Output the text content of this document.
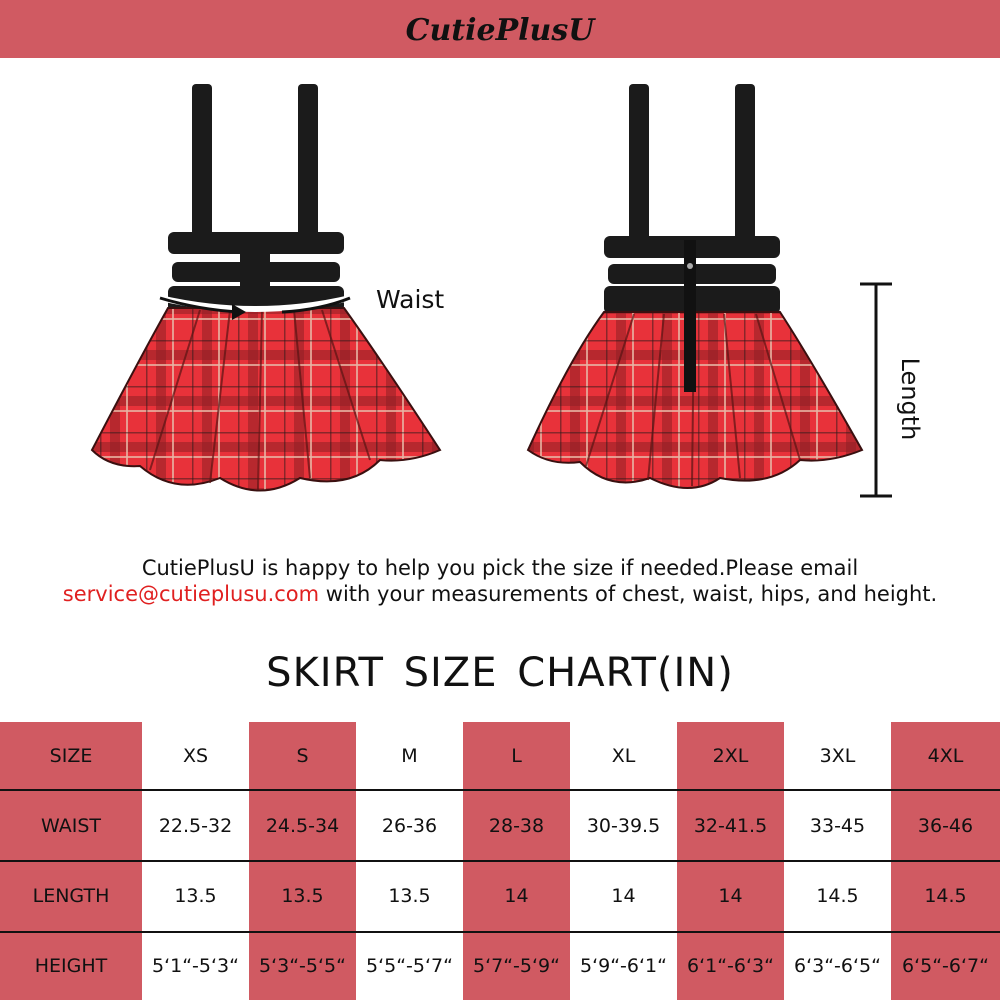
CutiePlusU
Waist
Length
CutiePlusU is happy to help you pick the size if needed.Please email
service@cutieplusu.com with your measurements of chest, waist, hips, and height.
SKIRT SIZE CHART(IN)
SIZE	XS	S	M	L	XL	2XL	3XL	4XL
WAIST	22.5-32	24.5-34	26-36	28-38	30-39.5	32-41.5	33-45	36-46
LENGTH	13.5	13.5	13.5	14	14	14	14.5	14.5
HEIGHT	5‘1“-5‘3“	5‘3“-5‘5“	5‘5“-5‘7“	5‘7“-5‘9“	5‘9“-6‘1“	6‘1“-6‘3“	6‘3“-6‘5“	6‘5“-6‘7“
